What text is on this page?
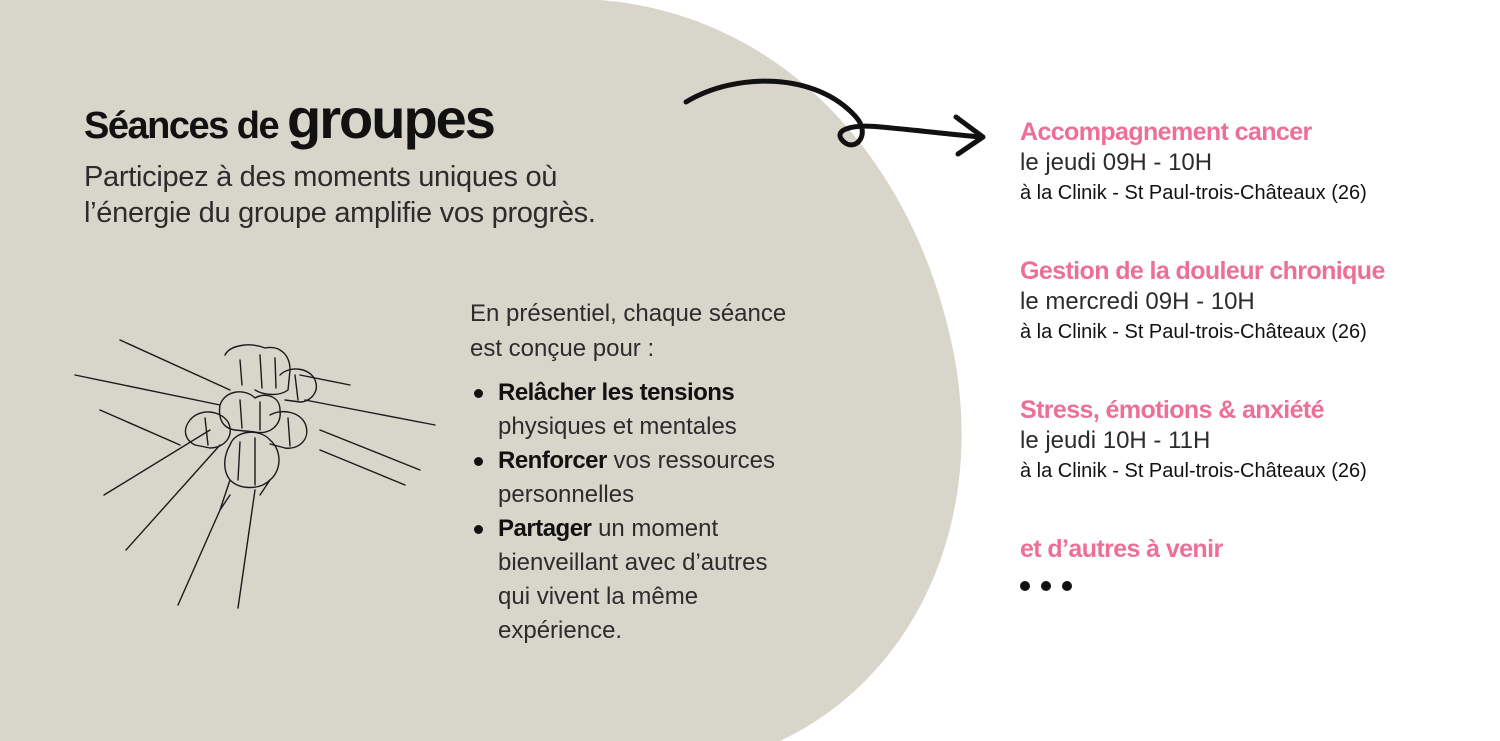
Séances de groupes
Participez à des moments uniques où
l’énergie du groupe amplifie vos progrès.
En présentiel, chaque séance
est conçue pour :
Relâcher les tensions
physiques et mentales
Renforcer vos ressources
personnelles
Partager un moment
bienveillant avec d’autres
qui vivent la même
expérience.
Accompagnement cancer
le jeudi 09H - 10H
à la Clinik - St Paul-trois-Châteaux (26)
Gestion de la douleur chronique
le mercredi 09H - 10H
à la Clinik - St Paul-trois-Châteaux (26)
Stress, émotions & anxiété
le jeudi 10H - 11H
à la Clinik - St Paul-trois-Châteaux (26)
et d’autres à venir
